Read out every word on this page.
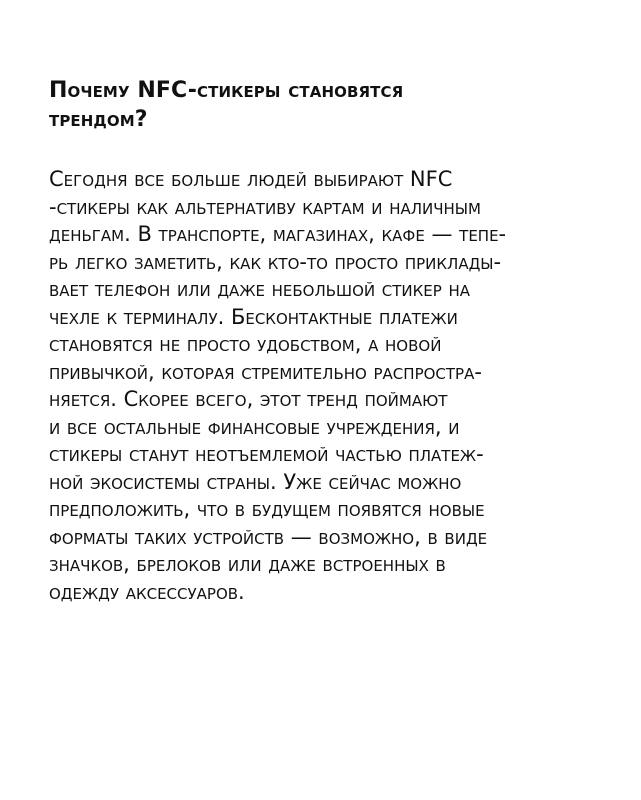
Почему NFC-стикеры становятся
трендом?

Сегодня все больше людей выбирают NFC
-стикеры как альтернативу картам и наличным
деньгам. В транспорте, магазинах, кафе — тепе-
рь легко заметить, как кто-то просто приклады-
вает телефон или даже небольшой стикер на
чехле к терминалу. Бесконтактные платежи
становятся не просто удобством, а новой
привычкой, которая стремительно распростра-
няется. Скорее всего, этот тренд поймают
и все остальные финансовые учреждения, и
стикеры станут неотъемлемой частью платеж-
ной экосистемы страны. Уже сейчас можно
предположить, что в будущем появятся новые
форматы таких устройств — возможно, в виде
значков, брелоков или даже встроенных в
одежду аксессуаров.
